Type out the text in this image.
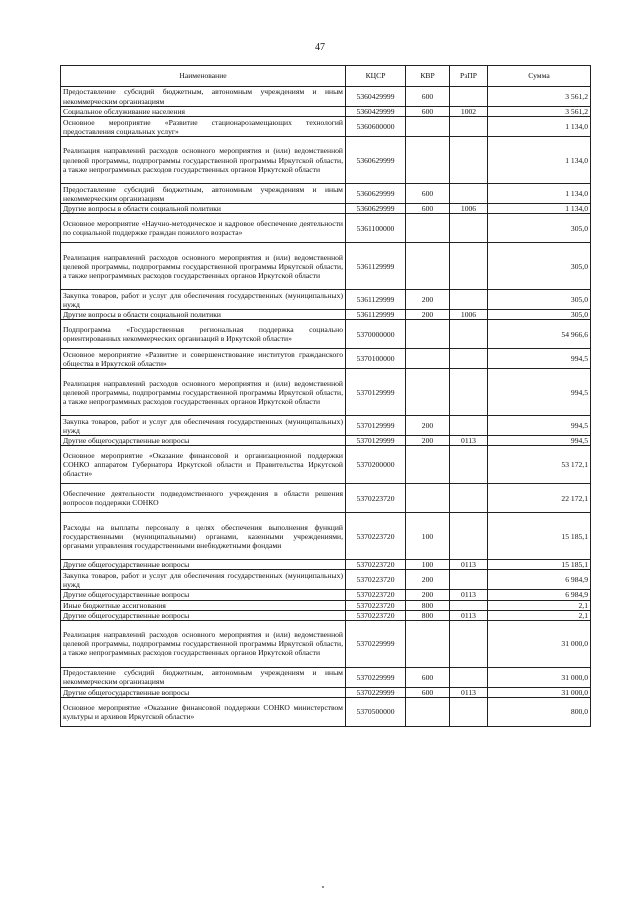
47
Наименование	КЦСР	КВР	РзПР	Сумма
Предоставление субсидий бюджетным, автономным учреждениям и иным некоммерческим организациям	5360429999	600		3 561,2
Социальное обслуживание населения	5360429999	600	1002	3 561,2
Основное мероприятие «Развитие стационарозамещающих технологий предоставления социальных услуг»	5360600000			1 134,0
Реализация направлений расходов основного мероприятия и (или) ведомственной целевой программы, подпрограммы государственной программы Иркутской области, а также непрограммных расходов государственных органов Иркутской области	5360629999			1 134,0
Предоставление субсидий бюджетным, автономным учреждениям и иным некоммерческим организациям	5360629999	600		1 134,0
Другие вопросы в области социальной политики	5360629999	600	1006	1 134,0
Основное мероприятие «Научно-методическое и кадровое обеспечение деятельности по социальной поддержке граждан пожилого возраста»	5361100000			305,0
Реализация направлений расходов основного мероприятия и (или) ведомственной целевой программы, подпрограммы государственной программы Иркутской области, а также непрограммных расходов государственных органов Иркутской области	5361129999			305,0
Закупка товаров, работ и услуг для обеспечения государственных (муниципальных) нужд	5361129999	200		305,0
Другие вопросы в области социальной политики	5361129999	200	1006	305,0
Подпрограмма «Государственная региональная поддержка социально ориентированных некоммерческих организаций в Иркутской области»	5370000000			54 966,6
Основное мероприятие «Развитие и совершенствование институтов гражданского общества в Иркутской области»	5370100000			994,5
Реализация направлений расходов основного мероприятия и (или) ведомственной целевой программы, подпрограммы государственной программы Иркутской области, а также непрограммных расходов государственных органов Иркутской области	5370129999			994,5
Закупка товаров, работ и услуг для обеспечения государственных (муниципальных) нужд	5370129999	200		994,5
Другие общегосударственные вопросы	5370129999	200	0113	994,5
Основное мероприятие «Оказание финансовой и организационной поддержки СОНКО аппаратом Губернатора Иркутской области и Правительства Иркутской области»	5370200000			53 172,1
Обеспечение деятельности подведомственного учреждения в области решения вопросов поддержки СОНКО	5370223720			22 172,1
Расходы на выплаты персоналу в целях обеспечения выполнения функций государственными (муниципальными) органами, казенными учреждениями, органами управления государственными внебюджетными фондами	5370223720	100		15 185,1
Другие общегосударственные вопросы	5370223720	100	0113	15 185,1
Закупка товаров, работ и услуг для обеспечения государственных (муниципальных) нужд	5370223720	200		6 984,9
Другие общегосударственные вопросы	5370223720	200	0113	6 984,9
Иные бюджетные ассигнования	5370223720	800		2,1
Другие общегосударственные вопросы	5370223720	800	0113	2,1
Реализация направлений расходов основного мероприятия и (или) ведомственной целевой программы, подпрограммы государственной программы Иркутской области, а также непрограммных расходов государственных органов Иркутской области	5370229999			31 000,0
Предоставление субсидий бюджетным, автономным учреждениям и иным некоммерческим организациям	5370229999	600		31 000,0
Другие общегосударственные вопросы	5370229999	600	0113	31 000,0
Основное мероприятие «Оказание финансовой поддержки СОНКО министерством культуры и архивов Иркутской области»	5370500000			800,0
